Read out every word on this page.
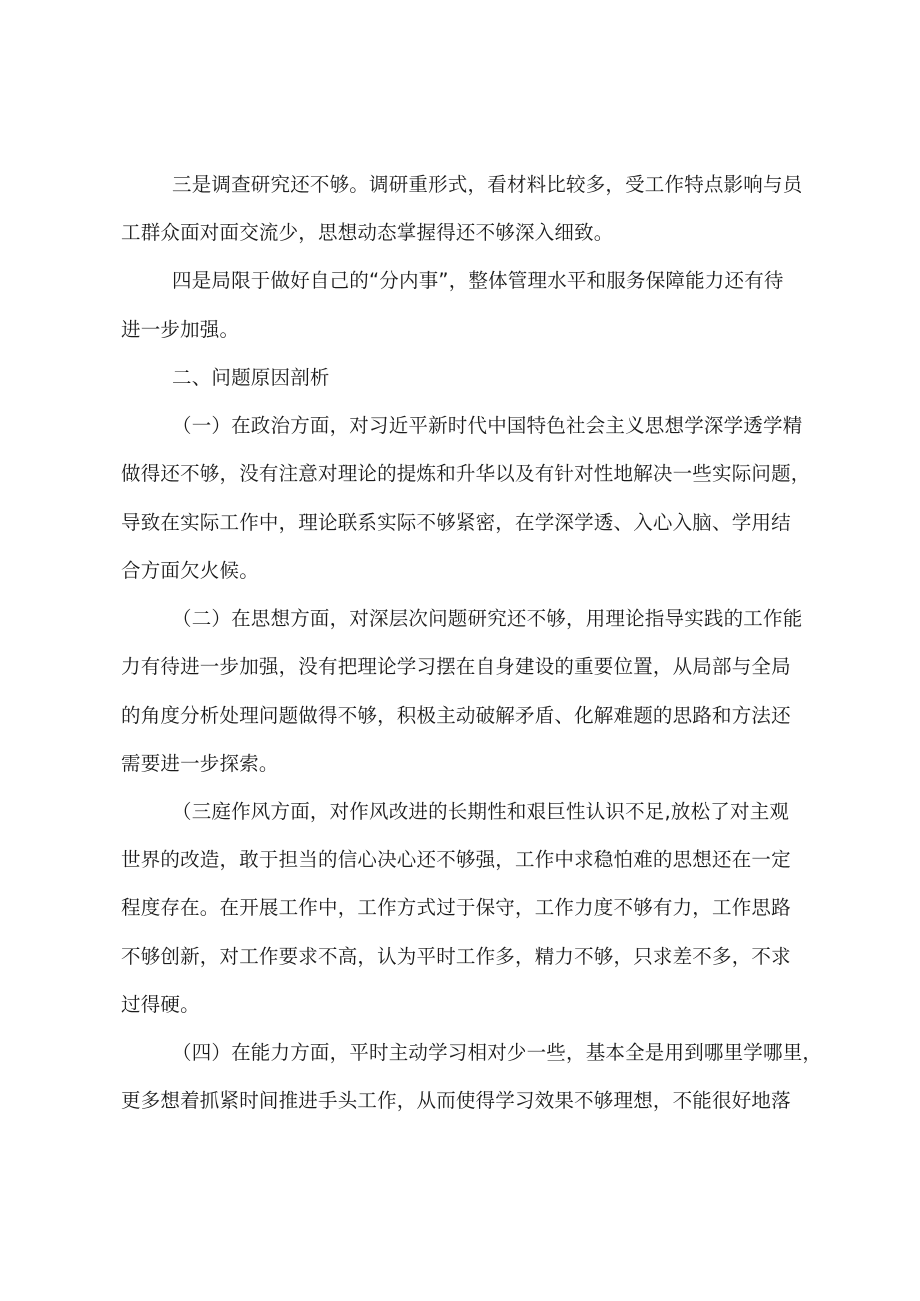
三是调查研究还不够。调研重形式，看材料比较多，受工作特点影响与员
工群众面对面交流少，思想动态掌握得还不够深入细致。
四是局限于做好自己的“分内事”，整体管理水平和服务保障能力还有待
进一步加强。
二、问题原因剖析
（一）在政治方面，对习近平新时代中国特色社会主义思想学深学透学精
做得还不够，没有注意对理论的提炼和升华以及有针对性地解决一些实际问题，
导致在实际工作中，理论联系实际不够紧密，在学深学透、入心入脑、学用结
合方面欠火候。
（二）在思想方面，对深层次问题研究还不够，用理论指导实践的工作能
力有待进一步加强，没有把理论学习摆在自身建设的重要位置，从局部与全局
的角度分析处理问题做得不够，积极主动破解矛盾、化解难题的思路和方法还
需要进一步探索。
（三庭作风方面，对作风改进的长期性和艰巨性认识不足,放松了对主观
世界的改造，敢于担当的信心决心还不够强，工作中求稳怕难的思想还在一定
程度存在。在开展工作中，工作方式过于保守，工作力度不够有力，工作思路
不够创新，对工作要求不高，认为平时工作多，精力不够，只求差不多，不求
过得硬。
（四）在能力方面，平时主动学习相对少一些，基本全是用到哪里学哪里，
更多想着抓紧时间推进手头工作，从而使得学习效果不够理想，不能很好地落
